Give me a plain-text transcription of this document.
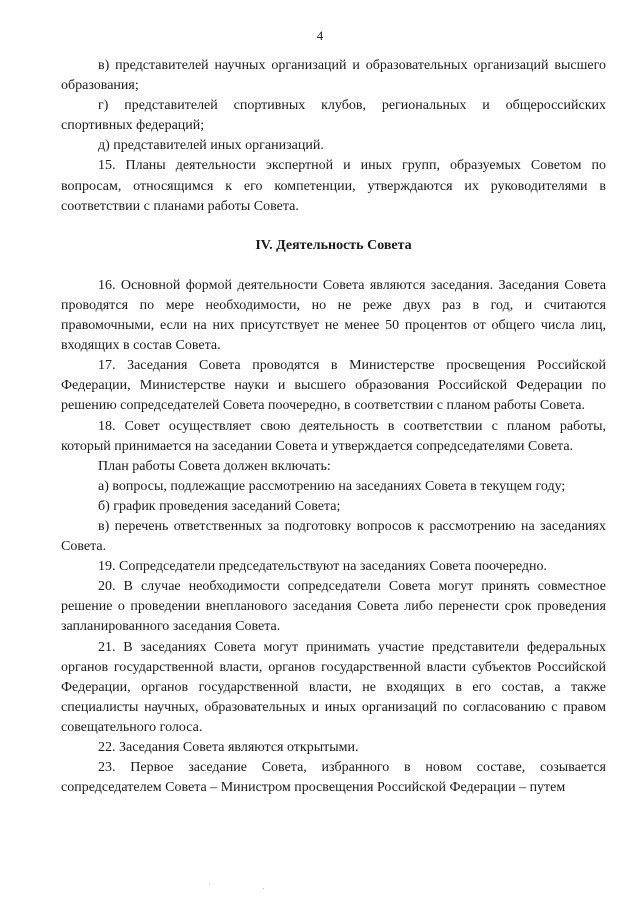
4

в) представителей научных организаций и образовательных организаций высшего образования;

г) представителей спортивных клубов, региональных и общероссийских спортивных федераций;

д) представителей иных организаций.

15. Планы деятельности экспертной и иных групп, образуемых Советом по вопросам, относящимся к его компетенции, утверждаются их руководителями в соответствии с планами работы Совета.

IV. Деятельность Совета

16. Основной формой деятельности Совета являются заседания. Заседания Совета проводятся по мере необходимости, но не реже двух раз в год, и считаются правомочными, если на них присутствует не менее 50 процентов от общего числа лиц, входящих в состав Совета.

17. Заседания Совета проводятся в Министерстве просвещения Российской Федерации, Министерстве науки и высшего образования Российской Федерации по решению сопредседателей Совета поочередно, в соответствии с планом работы Совета.

18. Совет осуществляет свою деятельность в соответствии с планом работы, который принимается на заседании Совета и утверждается сопредседателями Совета.

План работы Совета должен включать:

а) вопросы, подлежащие рассмотрению на заседаниях Совета в текущем году;

б) график проведения заседаний Совета;

в) перечень ответственных за подготовку вопросов к рассмотрению на заседаниях Совета.

19. Сопредседатели председательствуют на заседаниях Совета поочередно.

20. В случае необходимости сопредседатели Совета могут принять совместное решение о проведении внепланового заседания Совета либо перенести срок проведения запланированного заседания Совета.

21. В заседаниях Совета могут принимать участие представители федеральных органов государственной власти, органов государственной власти субъектов Российской Федерации, органов государственной власти, не входящих в его состав, а также специалисты научных, образовательных и иных организаций по согласованию с правом совещательного голоса.

22. Заседания Совета являются открытыми.

23. Первое заседание Совета, избранного в новом составе, созывается сопредседателем Совета – Министром просвещения Российской Федерации – путем
